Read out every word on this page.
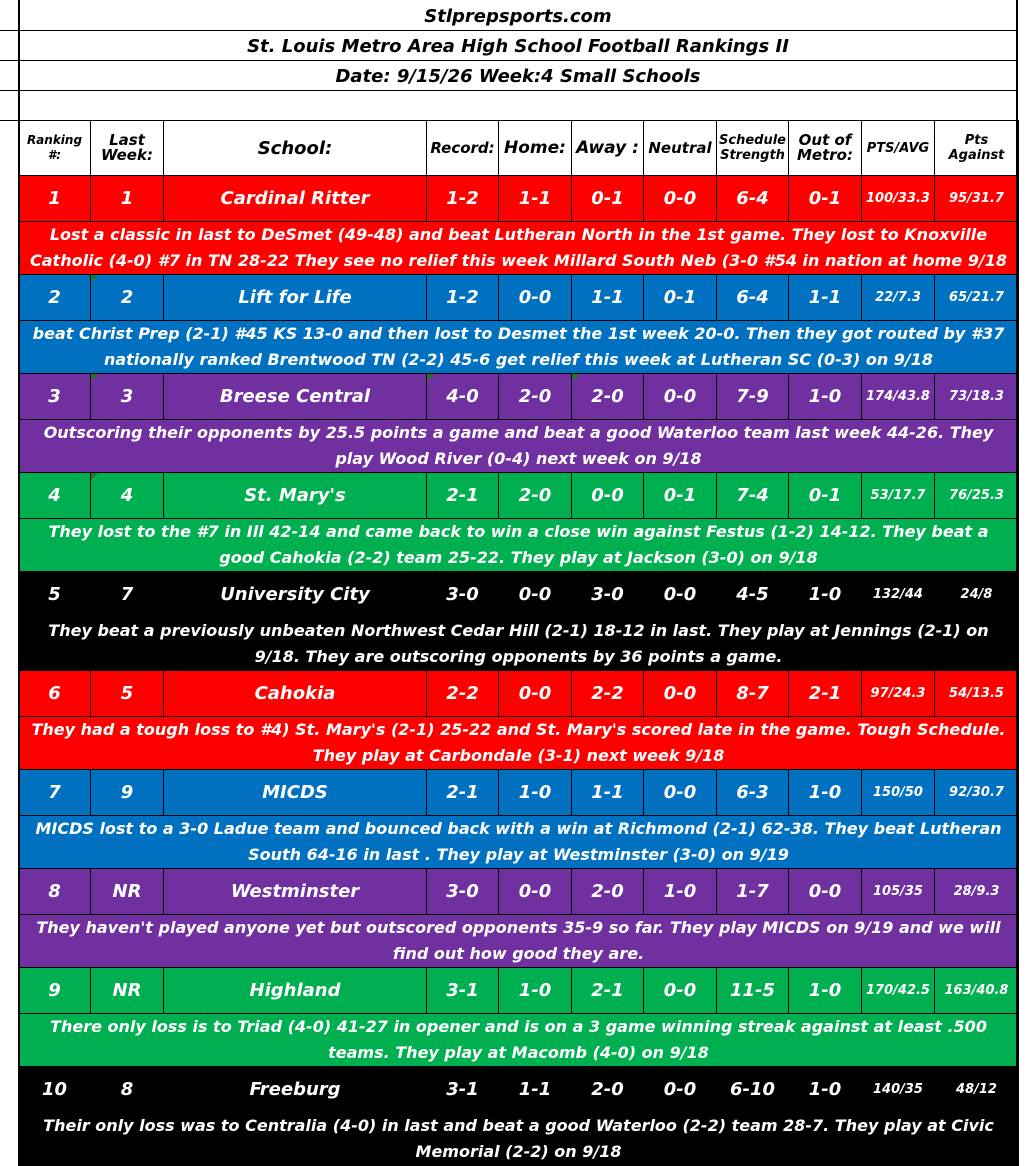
Stlprepsports.com
St. Louis Metro Area High School Football Rankings II
Date: 9/15/26 Week:4 Small Schools
Ranking #:	Last Week:	School:	Record:	Home:	Away :	Neutral	Schedule Strength	Out of Metro:	PTS/AVG	Pts Against
1	1	Cardinal Ritter	1-2	1-1	0-1	0-0	6-4	0-1	100/33.3	95/31.7
Lost a classic in last to DeSmet (49-48) and beat Lutheran North in the 1st game. They lost to Knoxville Catholic (4-0) #7 in TN 28-22 They see no relief this week Millard South Neb (3-0 #54 in nation at home 9/18										
2	2	Lift for Life	1-2	0-0	1-1	0-1	6-4	1-1	22/7.3	65/21.7
beat Christ Prep (2-1) #45 KS 13-0 and then lost to Desmet the 1st week 20-0. Then they got routed by #37 nationally ranked Brentwood TN (2-2) 45-6 get relief this week at Lutheran SC (0-3) on 9/18										
3	3	Breese Central	4-0	2-0	2-0	0-0	7-9	1-0	174/43.8	73/18.3
Outscoring their opponents by 25.5 points a game and beat a good Waterloo team last week 44-26. They play Wood River (0-4) next week on 9/18										
4	4	St. Mary's	2-1	2-0	0-0	0-1	7-4	0-1	53/17.7	76/25.3
They lost to the #7 in Ill 42-14 and came back to win a close win against Festus (1-2) 14-12. They beat a good Cahokia (2-2) team 25-22. They play at Jackson (3-0) on 9/18										
5	7	University City	3-0	0-0	3-0	0-0	4-5	1-0	132/44	24/8
They beat a previously unbeaten Northwest Cedar Hill (2-1) 18-12 in last. They play at Jennings (2-1) on 9/18. They are outscoring opponents by 36 points a game.										
6	5	Cahokia	2-2	0-0	2-2	0-0	8-7	2-1	97/24.3	54/13.5
They had a tough loss to #4) St. Mary's (2-1) 25-22 and St. Mary's scored late in the game. Tough Schedule. They play at Carbondale (3-1) next week 9/18										
7	9	MICDS	2-1	1-0	1-1	0-0	6-3	1-0	150/50	92/30.7
MICDS lost to a 3-0 Ladue team and bounced back with a win at Richmond (2-1) 62-38. They beat Lutheran South 64-16 in last . They play at Westminster (3-0) on 9/19										
8	NR	Westminster	3-0	0-0	2-0	1-0	1-7	0-0	105/35	28/9.3
They haven't played anyone yet but outscored opponents 35-9 so far. They play MICDS on 9/19 and we will find out how good they are.										
9	NR	Highland	3-1	1-0	2-1	0-0	11-5	1-0	170/42.5	163/40.8
There only loss is to Triad (4-0) 41-27 in opener and is on a 3 game winning streak against at least .500 teams. They play at Macomb (4-0) on 9/18										
10	8	Freeburg	3-1	1-1	2-0	0-0	6-10	1-0	140/35	48/12
Their only loss was to Centralia (4-0) in last and beat a good Waterloo (2-2) team 28-7. They play at Civic Memorial (2-2) on 9/18										
